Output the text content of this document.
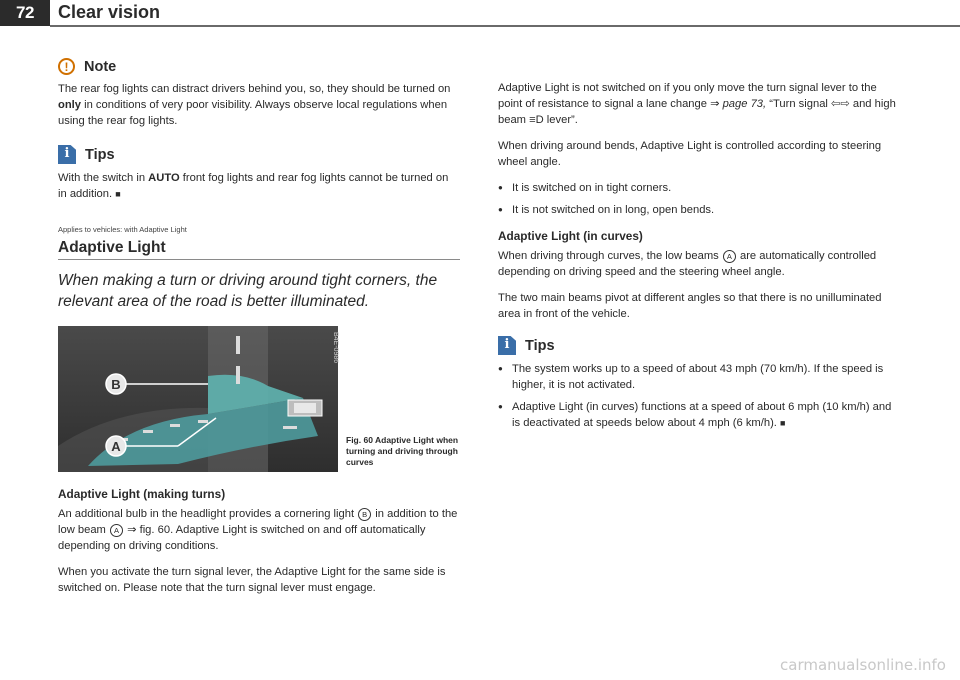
72	Clear vision
!	Note

The rear fog lights can distract drivers behind you, so, they should be turned on only in conditions of very poor visibility. Always observe local regulations when using the rear fog lights.

i	Tips

With the switch in AUTO front fog lights and rear fog lights cannot be turned on in addition. ■

Applies to vehicles: with Adaptive Light
Adaptive Light
When making a turn or driving around tight corners, the relevant area of the road is better illuminated.
B
A
B4E-0986
Fig. 60 Adaptive Light when turning and driving through curves
Adaptive Light (making turns)

An additional bulb in the headlight provides a cornering light B in addition to the low beam A ⇒ fig. 60. Adaptive Light is switched on and off automatically depending on driving conditions.

When you activate the turn signal lever, the Adaptive Light for the same side is switched on. Please note that the turn signal lever must engage.

Adaptive Light is not switched on if you only move the turn signal lever to the point of resistance to signal a lane change ⇒ page 73, “Turn signal ⇦⇨ and high beam ≡D lever”.

When driving around bends, Adaptive Light is controlled according to steering wheel angle.

● It is switched on in tight corners.
● It is not switched on in long, open bends.
Adaptive Light (in curves)

When driving through curves, the low beams A are automatically controlled depending on driving speed and the steering wheel angle.

The two main beams pivot at different angles so that there is no unilluminated area in front of the vehicle.

i	Tips
● The system works up to a speed of about 43 mph (70 km/h). If the speed is higher, it is not activated.
● Adaptive Light (in curves) functions at a speed of about 6 mph (10 km/h) and is deactivated at speeds below about 4 mph (6 km/h). ■
carmanualsonline.info
